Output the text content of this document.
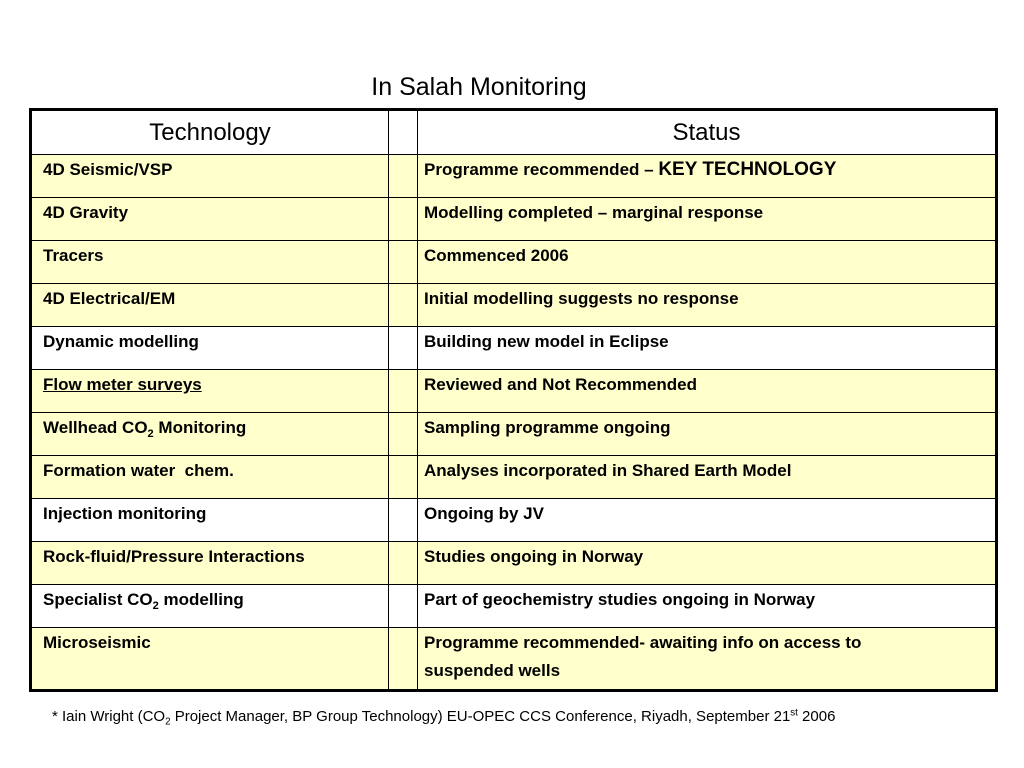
In Salah Monitoring
Technology		Status

4D Seismic/VSP		Programme recommended – KEY TECHNOLOGY

4D Gravity		Modelling completed – marginal response

Tracers		Commenced 2006

4D Electrical/EM		Initial modelling suggests no response

Dynamic modelling		Building new model in Eclipse

Flow meter surveys		Reviewed and Not Recommended

Wellhead $CO_2$ Monitoring		Sampling programme ongoing

Formation water  chem.		Analyses incorporated in Shared Earth Model

Injection monitoring		Ongoing by JV

Rock-fluid/Pressure Interactions		Studies ongoing in Norway

Specialist $CO_2$ modelling		Part of geochemistry studies ongoing in Norway

Microseismic		Programme recommended- awaiting info on access to suspended wells
* Iain Wright ($CO_2$ Project Manager, BP Group Technology) EU-OPEC CCS Conference, Riyadh, September 21st 2006
